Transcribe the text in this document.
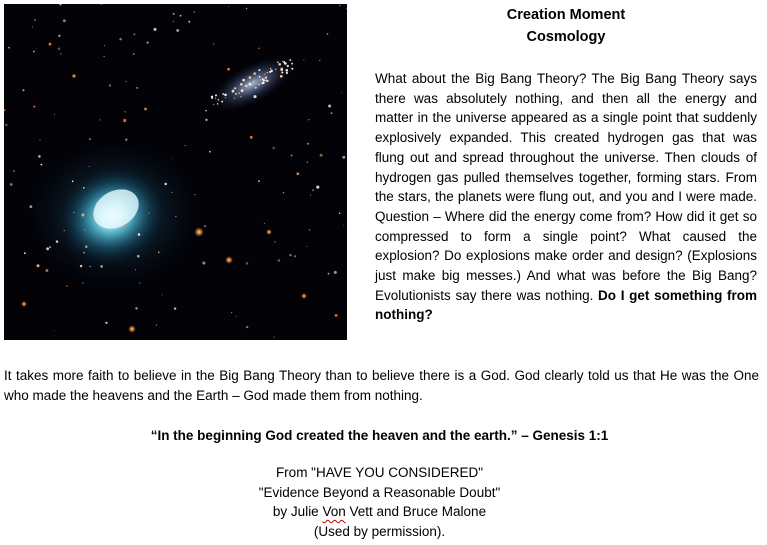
Creation Moment
Cosmology

What about the Big Bang Theory? The Big Bang Theory says there was absolutely nothing, and then all the energy and matter in the universe appeared as a single point that suddenly explosively expanded. This created hydrogen gas that was flung out and spread throughout the universe. Then clouds of hydrogen gas pulled themselves together, forming stars. From the stars, the planets were flung out, and you and I were made. Question – Where did the energy come from? How did it get so compressed to form a single point? What caused the explosion? Do explosions make order and design? (Explosions just make big messes.) And what was before the Big Bang? Evolutionists say there was nothing. Do I get something from nothing?

It takes more faith to believe in the Big Bang Theory than to believe there is a God. God clearly told us that He was the One who made the heavens and the Earth – God made them from nothing.

“In the beginning God created the heaven and the earth.” – Genesis 1:1
From "HAVE YOU CONSIDERED"
"Evidence Beyond a Reasonable Doubt"
by Julie Von Vett and Bruce Malone
(Used by permission).
